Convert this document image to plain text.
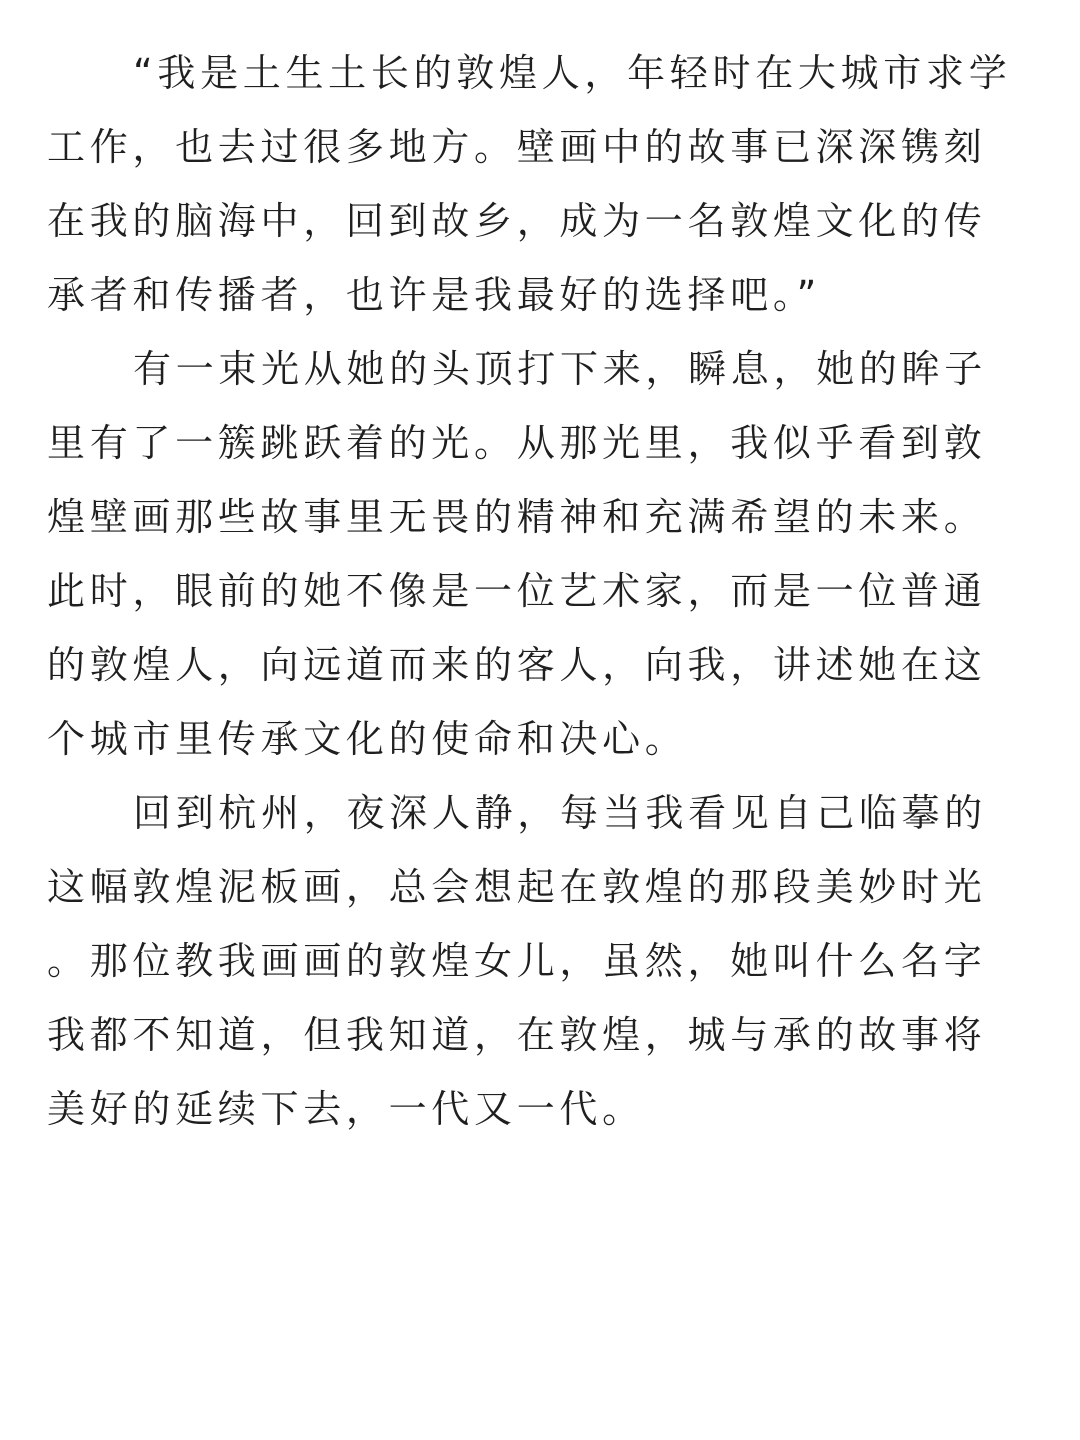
“我是土生土长的敦煌人，年轻时在大城市求学
工作，也去过很多地方。壁画中的故事已深深镌刻
在我的脑海中，回到故乡，成为一名敦煌文化的传
承者和传播者，也许是我最好的选择吧。”
有一束光从她的头顶打下来，瞬息，她的眸子
里有了一簇跳跃着的光。从那光里，我似乎看到敦
煌壁画那些故事里无畏的精神和充满希望的未来。
此时，眼前的她不像是一位艺术家，而是一位普通
的敦煌人，向远道而来的客人，向我，讲述她在这
个城市里传承文化的使命和决心。
回到杭州，夜深人静，每当我看见自己临摹的
这幅敦煌泥板画，总会想起在敦煌的那段美妙时光
。那位教我画画的敦煌女儿，虽然，她叫什么名字
我都不知道，但我知道，在敦煌，城与承的故事将
美好的延续下去，一代又一代。
